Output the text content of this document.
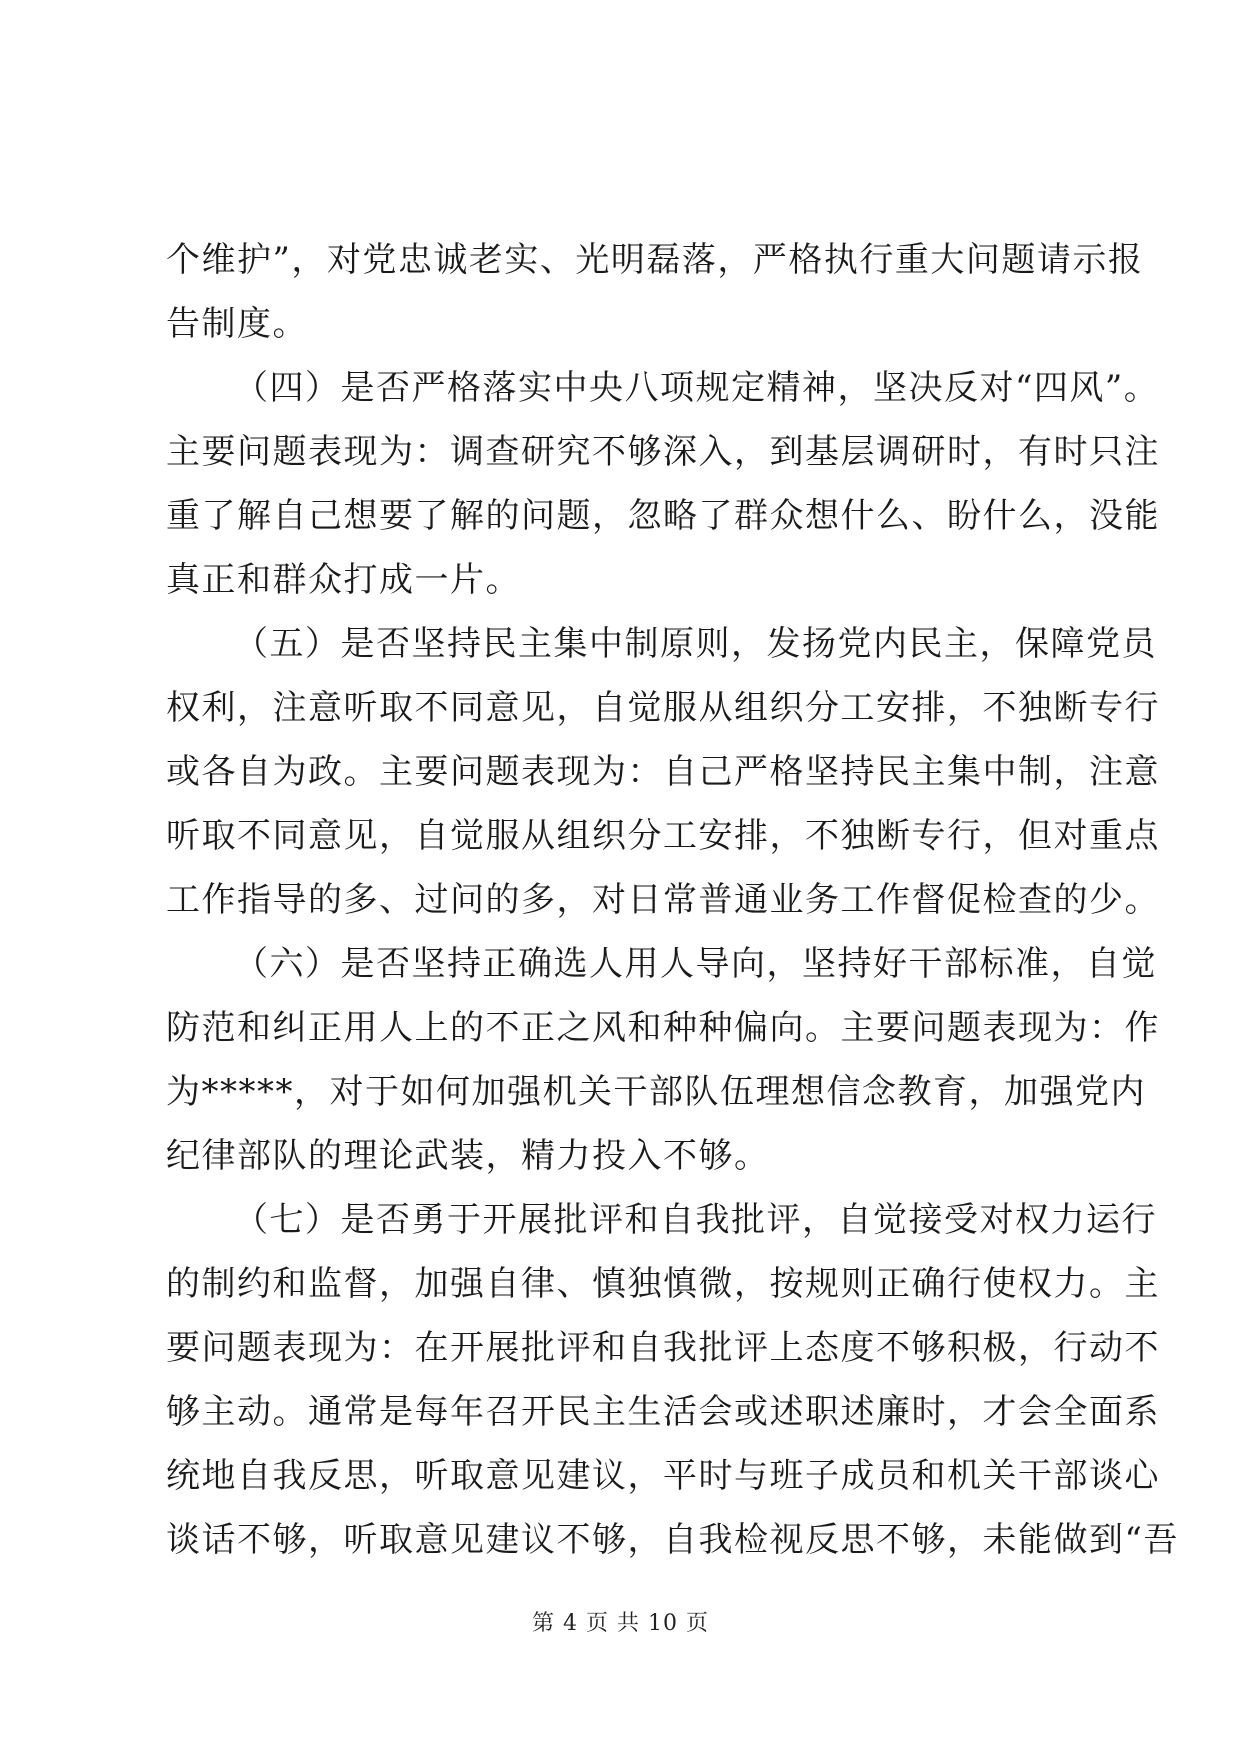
个维护”，对党忠诚老实、光明磊落，严格执行重大问题请示报
告制度。
（四）是否严格落实中央八项规定精神，坚决反对“四风”。
主要问题表现为：调查研究不够深入，到基层调研时，有时只注
重了解自己想要了解的问题，忽略了群众想什么、盼什么，没能
真正和群众打成一片。
（五）是否坚持民主集中制原则，发扬党内民主，保障党员
权利，注意听取不同意见，自觉服从组织分工安排，不独断专行
或各自为政。主要问题表现为：自己严格坚持民主集中制，注意
听取不同意见，自觉服从组织分工安排，不独断专行，但对重点
工作指导的多、过问的多，对日常普通业务工作督促检查的少。
（六）是否坚持正确选人用人导向，坚持好干部标准，自觉
防范和纠正用人上的不正之风和种种偏向。主要问题表现为：作
为*****，对于如何加强机关干部队伍理想信念教育，加强党内
纪律部队的理论武装，精力投入不够。
（七）是否勇于开展批评和自我批评，自觉接受对权力运行
的制约和监督，加强自律、慎独慎微，按规则正确行使权力。主
要问题表现为：在开展批评和自我批评上态度不够积极，行动不
够主动。通常是每年召开民主生活会或述职述廉时，才会全面系
统地自我反思，听取意见建议，平时与班子成员和机关干部谈心
谈话不够，听取意见建议不够，自我检视反思不够，未能做到“吾
第 4 页 共 10 页
